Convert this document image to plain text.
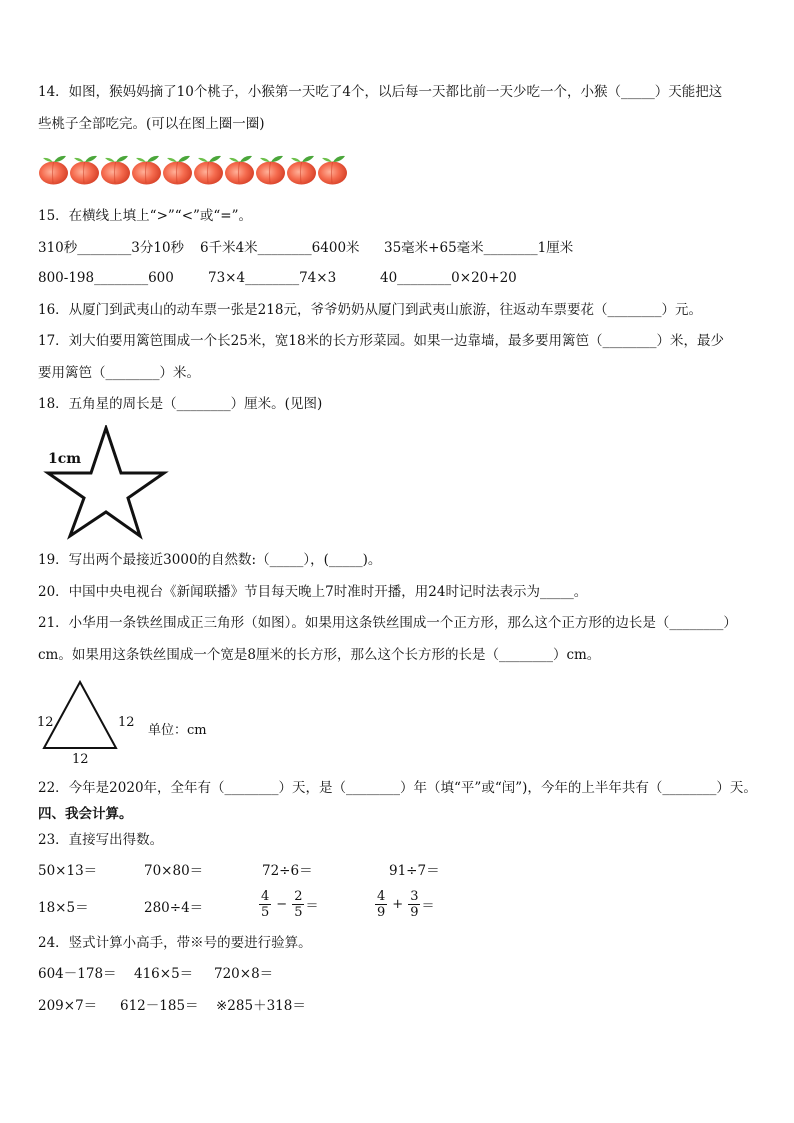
14．如图，猴妈妈摘了10个桃子，小猴第一天吃了4个，以后每一天都比前一天少吃一个，小猴（_____）天能把这
些桃子全部吃完。(可以在图上圈一圈)
15．在横线上填上“>”“<”或“=”。
310秒________3分10秒 6千米4米________6400米 35毫米+65毫米________1厘米
800-198________600	73×4________74×3	40________0×20+20
16．从厦门到武夷山的动车票一张是218元，爷爷奶奶从厦门到武夷山旅游，往返动车票要花（________）元。
17．刘大伯要用篱笆围成一个长25米，宽18米的长方形菜园。如果一边靠墙，最多要用篱笆（________）米，最少
要用篱笆（________）米。
18．五角星的周长是（________）厘米。(见图)
1cm
19．写出两个最接近3000的自然数:（_____），(_____)。
20．中国中央电视台《新闻联播》节目每天晚上7时准时开播，用24时记时法表示为_____。
21．小华用一条铁丝围成正三角形（如图）。如果用这条铁丝围成一个正方形，那么这个正方形的边长是（________）
cm。如果用这条铁丝围成一个宽是8厘米的长方形，那么这个长方形的长是（________）cm。
12	12
12
单位：cm
22．今年是2020年，全年有（________）天，是（________）年（填“平”或“闰”)，今年的上半年共有（________）天。
四、我会计算。
23．直接写出得数。
50×13＝	70×80＝	72÷6＝	91÷7＝
18×5＝	280÷4＝	$\frac{4}{5} - \frac{2}{5}$ ＝	$\frac{4}{9} + \frac{3}{9}$ ＝
24．竖式计算小高手，带※号的要进行验算。
604－178＝ 416×5＝ 720×8＝
209×7＝ 612－185＝ ※285＋318＝
